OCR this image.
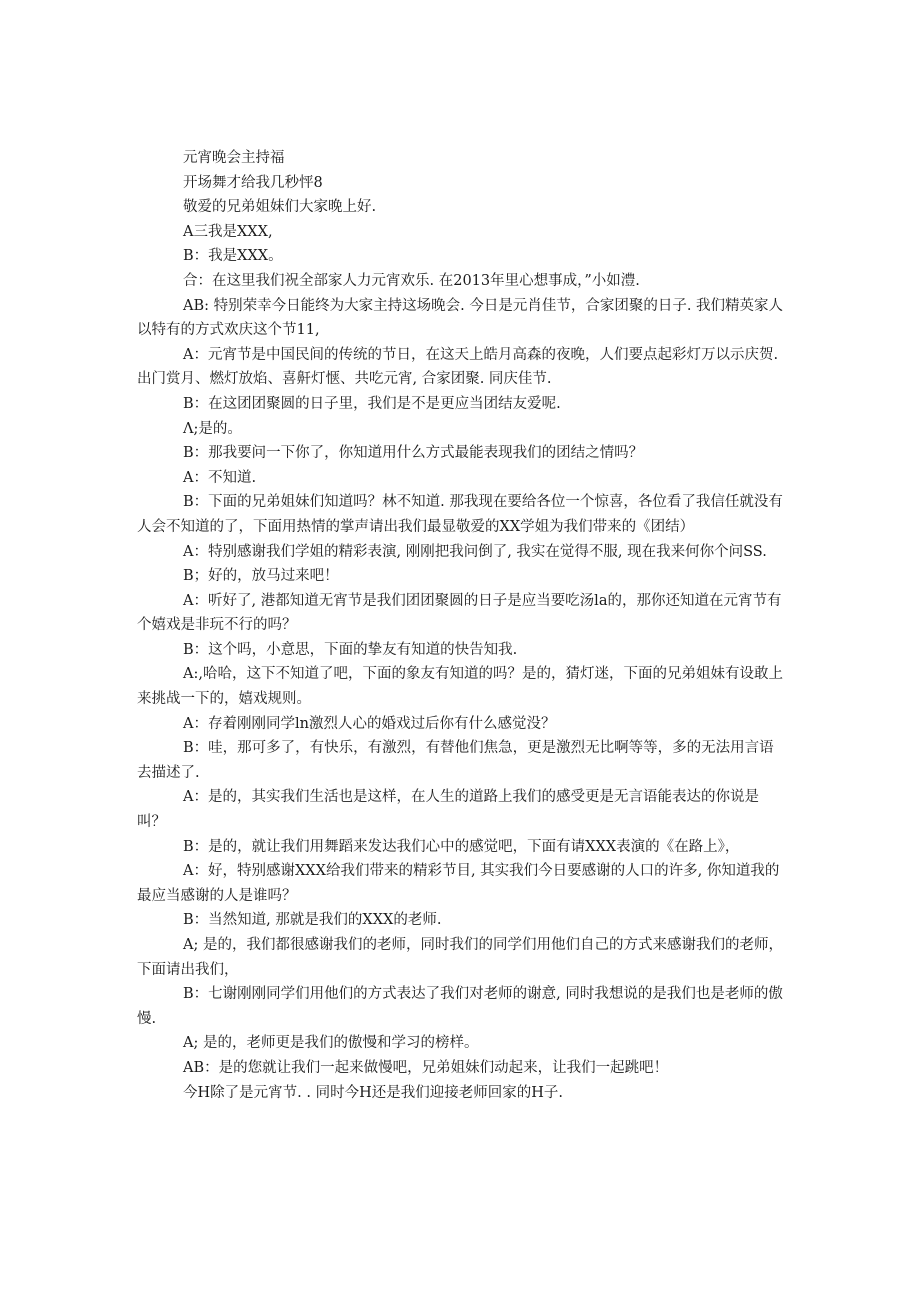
元宵晚会主持福

开场舞才给我几秒怦8

敬爱的兄弟姐妹们大家晚上好.

A三我是XXX,

B：我是XXX。

合：在这里我们祝全部家人力元宵欢乐. 在2013年里心想事成，”小如澧.

AB: 特别荣幸今日能终为大家主持这场晚会. 今日是元肖佳节，合家团聚的日子. 我们精英家人以特有的方式欢庆这个节11,

A：元宵节是中国民间的传统的节日，在这天上皓月高森的夜晚，人们要点起彩灯万以示庆贺. 出门赏月、燃灯放焰、喜鼾灯惬、共吃元宵, 合家团聚. 同庆佳节.

B：在这团团聚圆的日子里，我们是不是更应当团结友爱呢.

Λ;是的。

B：那我要问一下你了，你知道用什么方式最能表现我们的团结之情吗？

A：不知道.

B：下面的兄弟姐妹们知道吗？林不知道. 那我现在要给各位一个惊喜，各位看了我信任就没有人会不知道的了，下面用热情的掌声请出我们最显敬爱的XX学姐为我们带来的《团结）

A：特别感谢我们学姐的精彩表演, 刚刚把我问倒了, 我实在觉得不服, 现在我来何你个问SS.

B；好的，放马过来吧！

A：听好了, 港都知道无宵节是我们团团聚圆的日子是应当要吃汤la的，那你还知道在元宵节有个嬉戏是非玩不行的吗？

B：这个吗，小意思，下面的挚友有知道的快告知我.

A:,哈哈，这下不知道了吧，下面的象友有知道的吗？是的，猜灯迷，下面的兄弟姐妹有设敢上来挑战一下的，嬉戏规则。

A：存着刚刚同学ln激烈人心的婚戏过后你有什么感觉没？

B：哇，那可多了，有快乐，有激烈，有替他们焦急，更是激烈无比啊等等，多的无法用言语去描述了.

A：是的，其实我们生活也是这样，在人生的道路上我们的感受更是无言语能表达的你说是叫？

B：是的，就让我们用舞蹈来发达我们心中的感觉吧，下面有请XXX表演的《在路上》，

A：好，特别感谢XXX给我们带来的精彩节目, 其实我们今日要感谢的人口的许多, 你知道我的最应当感谢的人是谁吗？

B：当然知道, 那就是我们的XXX的老师.

A; 是的，我们都很感谢我们的老师，同时我们的同学们用他们自己的方式来感谢我们的老师，下面请出我们，

B：七谢刚刚同学们用他们的方式表达了我们对老师的谢意, 同时我想说的是我们也是老师的傲慢.

A; 是的，老师更是我们的傲慢和学习的榜样。

AB：是的您就让我们一起来做慢吧，兄弟姐妹们动起来，让我们一起跳吧！

今H除了是元宵节. . 同时今H还是我们迎接老师回家的H子.
